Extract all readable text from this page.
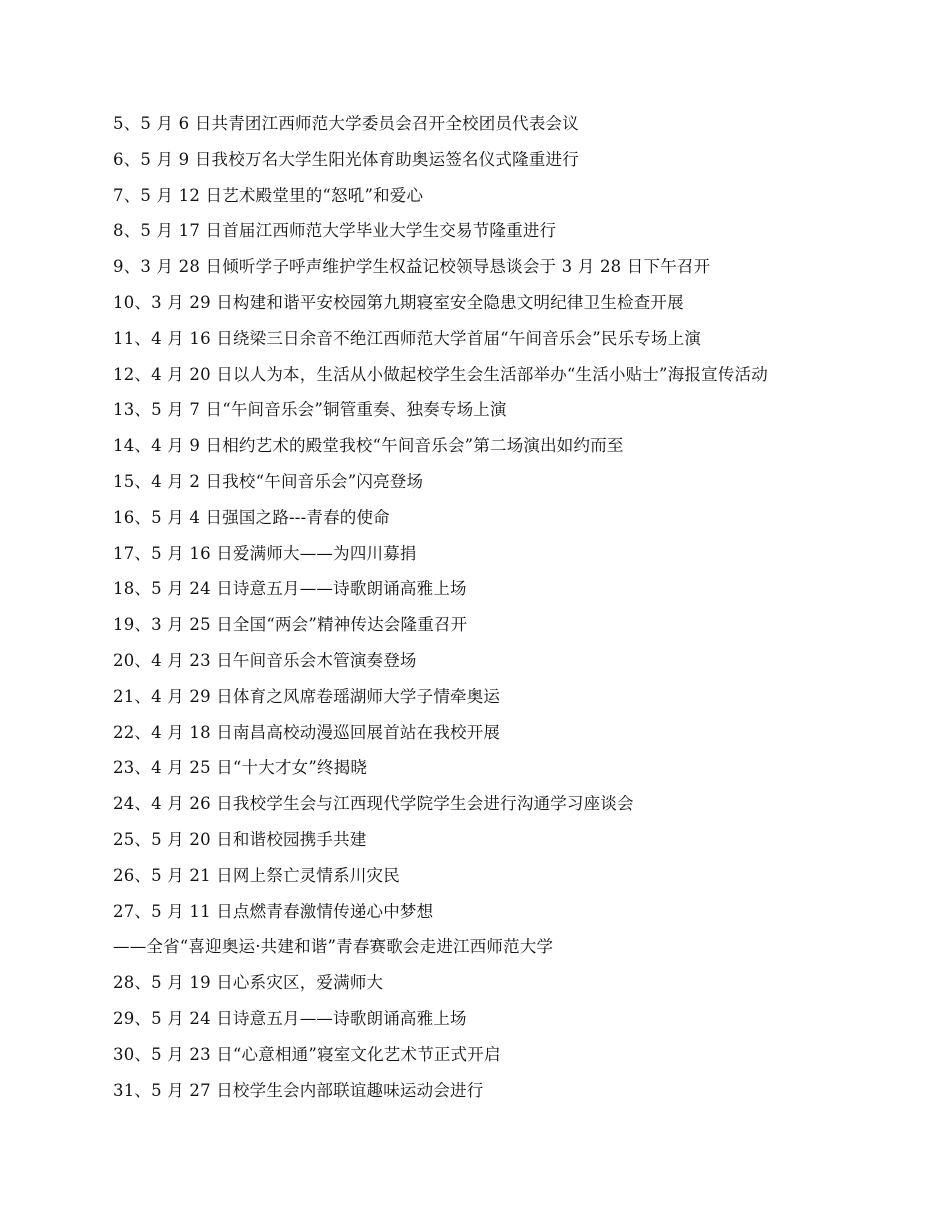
5、5 月 6 日共青团江西师范大学委员会召开全校团员代表会议
6、5 月 9 日我校万名大学生阳光体育助奥运签名仪式隆重进行
7、5 月 12 日艺术殿堂里的“怒吼”和爱心
8、5 月 17 日首届江西师范大学毕业大学生交易节隆重进行
9、3 月 28 日倾听学子呼声维护学生权益记校领导恳谈会于 3 月 28 日下午召开
10、3 月 29 日构建和谐平安校园第九期寝室安全隐患文明纪律卫生检查开展
11、4 月 16 日绕梁三日余音不绝江西师范大学首届“午间音乐会”民乐专场上演
12、4 月 20 日以人为本，生活从小做起校学生会生活部举办“生活小贴士”海报宣传活动
13、5 月 7 日“午间音乐会”铜管重奏、独奏专场上演
14、4 月 9 日相约艺术的殿堂我校“午间音乐会”第二场演出如约而至
15、4 月 2 日我校“午间音乐会”闪亮登场
16、5 月 4 日强国之路---青春的使命
17、5 月 16 日爱满师大——为四川募捐
18、5 月 24 日诗意五月——诗歌朗诵高雅上场
19、3 月 25 日全国“两会”精神传达会隆重召开
20、4 月 23 日午间音乐会木管演奏登场
21、4 月 29 日体育之风席卷瑶湖师大学子情牵奥运
22、4 月 18 日南昌高校动漫巡回展首站在我校开展
23、4 月 25 日“十大才女”终揭晓
24、4 月 26 日我校学生会与江西现代学院学生会进行沟通学习座谈会
25、5 月 20 日和谐校园携手共建
26、5 月 21 日网上祭亡灵情系川灾民
27、5 月 11 日点燃青春激情传递心中梦想
——全省“喜迎奥运·共建和谐”青春赛歌会走进江西师范大学
28、5 月 19 日心系灾区，爱满师大
29、5 月 24 日诗意五月——诗歌朗诵高雅上场
30、5 月 23 日“心意相通”寝室文化艺术节正式开启
31、5 月 27 日校学生会内部联谊趣味运动会进行
